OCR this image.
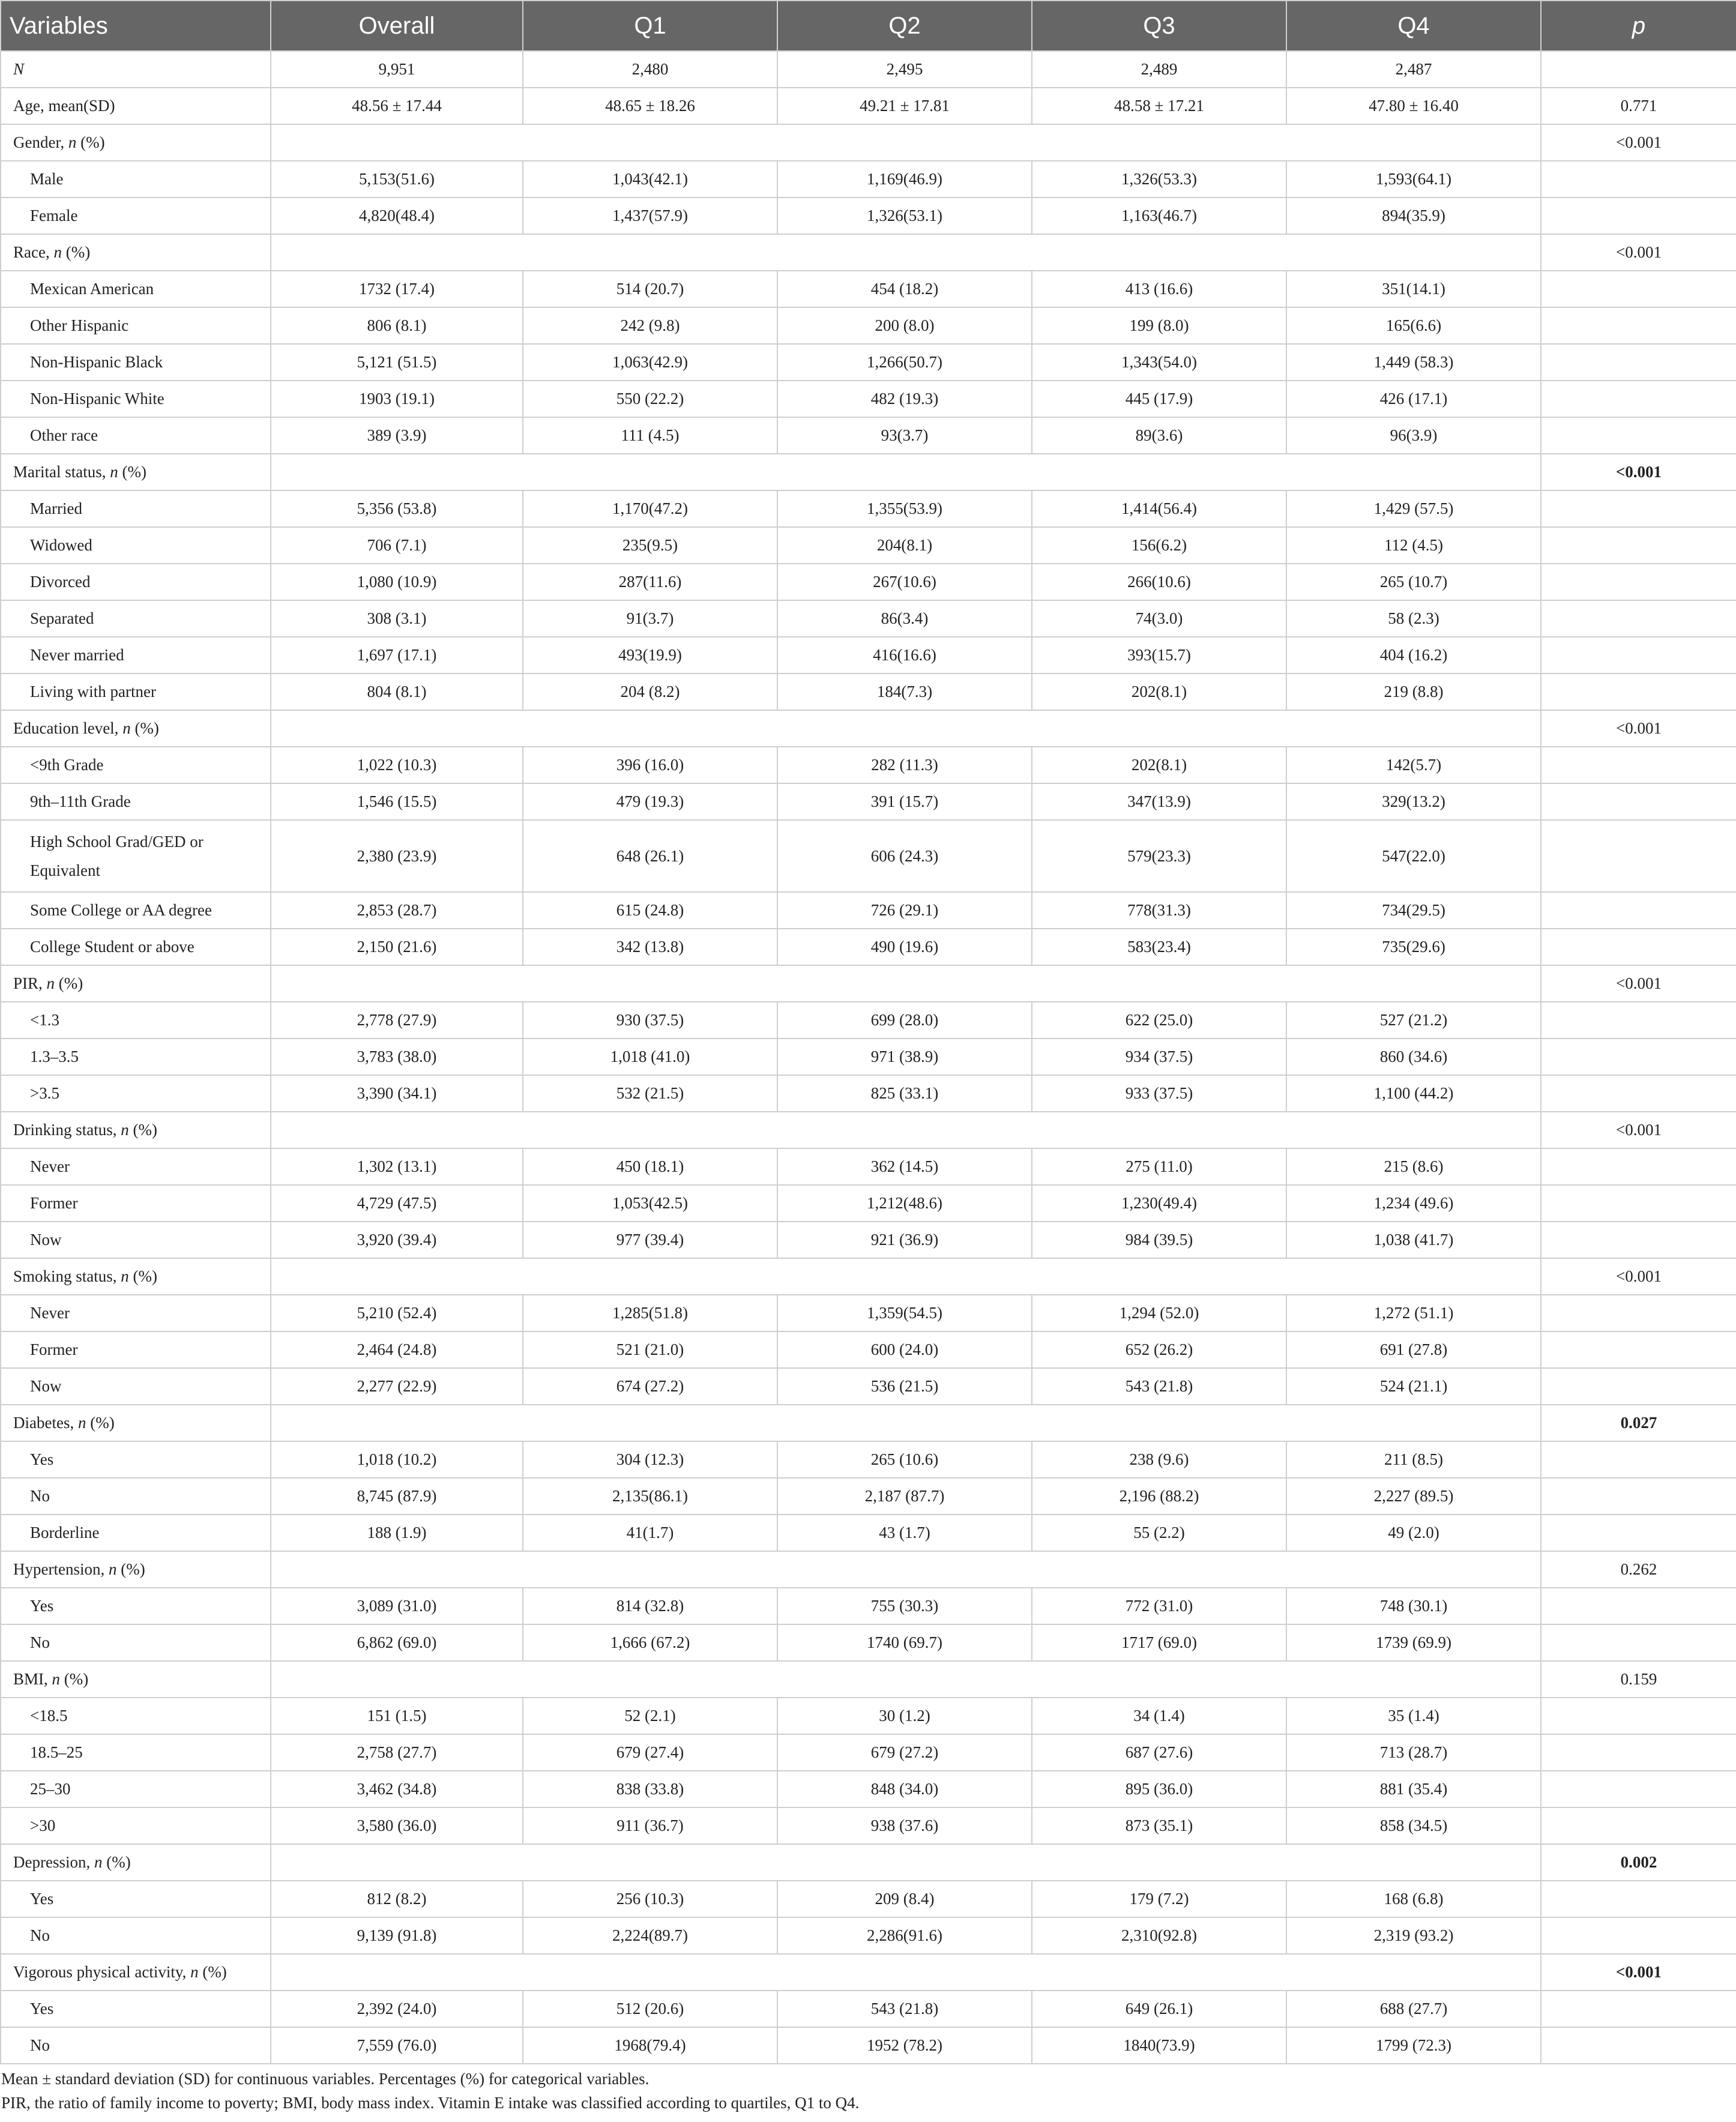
Variables	Overall	Q1	Q2	Q3	Q4	p
N	9,951	2,480	2,495	2,489	2,487	
Age, mean(SD)	48.56 ± 17.44	48.65 ± 18.26	49.21 ± 17.81	48.58 ± 17.21	47.80 ± 16.40	0.771
Gender, n (%)						<0.001
Male	5,153(51.6)	1,043(42.1)	1,169(46.9)	1,326(53.3)	1,593(64.1)	
Female	4,820(48.4)	1,437(57.9)	1,326(53.1)	1,163(46.7)	894(35.9)	
Race, n (%)						<0.001
Mexican American	1732 (17.4)	514 (20.7)	454 (18.2)	413 (16.6)	351(14.1)	
Other Hispanic	806 (8.1)	242 (9.8)	200 (8.0)	199 (8.0)	165(6.6)	
Non-Hispanic Black	5,121 (51.5)	1,063(42.9)	1,266(50.7)	1,343(54.0)	1,449 (58.3)	
Non-Hispanic White	1903 (19.1)	550 (22.2)	482 (19.3)	445 (17.9)	426 (17.1)	
Other race	389 (3.9)	111 (4.5)	93(3.7)	89(3.6)	96(3.9)	
Marital status, n (%)						<0.001
Married	5,356 (53.8)	1,170(47.2)	1,355(53.9)	1,414(56.4)	1,429 (57.5)	
Widowed	706 (7.1)	235(9.5)	204(8.1)	156(6.2)	112 (4.5)	
Divorced	1,080 (10.9)	287(11.6)	267(10.6)	266(10.6)	265 (10.7)	
Separated	308 (3.1)	91(3.7)	86(3.4)	74(3.0)	58 (2.3)	
Never married	1,697 (17.1)	493(19.9)	416(16.6)	393(15.7)	404 (16.2)	
Living with partner	804 (8.1)	204 (8.2)	184(7.3)	202(8.1)	219 (8.8)	
Education level, n (%)						<0.001
<9th Grade	1,022 (10.3)	396 (16.0)	282 (11.3)	202(8.1)	142(5.7)	
9th–11th Grade	1,546 (15.5)	479 (19.3)	391 (15.7)	347(13.9)	329(13.2)	
High School Grad/GED or Equivalent	2,380 (23.9)	648 (26.1)	606 (24.3)	579(23.3)	547(22.0)	
Some College or AA degree	2,853 (28.7)	615 (24.8)	726 (29.1)	778(31.3)	734(29.5)	
College Student or above	2,150 (21.6)	342 (13.8)	490 (19.6)	583(23.4)	735(29.6)	
PIR, n (%)						<0.001
<1.3	2,778 (27.9)	930 (37.5)	699 (28.0)	622 (25.0)	527 (21.2)	
1.3–3.5	3,783 (38.0)	1,018 (41.0)	971 (38.9)	934 (37.5)	860 (34.6)	
>3.5	3,390 (34.1)	532 (21.5)	825 (33.1)	933 (37.5)	1,100 (44.2)	
Drinking status, n (%)						<0.001
Never	1,302 (13.1)	450 (18.1)	362 (14.5)	275 (11.0)	215 (8.6)	
Former	4,729 (47.5)	1,053(42.5)	1,212(48.6)	1,230(49.4)	1,234 (49.6)	
Now	3,920 (39.4)	977 (39.4)	921 (36.9)	984 (39.5)	1,038 (41.7)	
Smoking status, n (%)						<0.001
Never	5,210 (52.4)	1,285(51.8)	1,359(54.5)	1,294 (52.0)	1,272 (51.1)	
Former	2,464 (24.8)	521 (21.0)	600 (24.0)	652 (26.2)	691 (27.8)	
Now	2,277 (22.9)	674 (27.2)	536 (21.5)	543 (21.8)	524 (21.1)	
Diabetes, n (%)						0.027
Yes	1,018 (10.2)	304 (12.3)	265 (10.6)	238 (9.6)	211 (8.5)	
No	8,745 (87.9)	2,135(86.1)	2,187 (87.7)	2,196 (88.2)	2,227 (89.5)	
Borderline	188 (1.9)	41(1.7)	43 (1.7)	55 (2.2)	49 (2.0)	
Hypertension, n (%)						0.262
Yes	3,089 (31.0)	814 (32.8)	755 (30.3)	772 (31.0)	748 (30.1)	
No	6,862 (69.0)	1,666 (67.2)	1740 (69.7)	1717 (69.0)	1739 (69.9)	
BMI, n (%)						0.159
<18.5	151 (1.5)	52 (2.1)	30 (1.2)	34 (1.4)	35 (1.4)	
18.5–25	2,758 (27.7)	679 (27.4)	679 (27.2)	687 (27.6)	713 (28.7)	
25–30	3,462 (34.8)	838 (33.8)	848 (34.0)	895 (36.0)	881 (35.4)	
>30	3,580 (36.0)	911 (36.7)	938 (37.6)	873 (35.1)	858 (34.5)	
Depression, n (%)						0.002
Yes	812 (8.2)	256 (10.3)	209 (8.4)	179 (7.2)	168 (6.8)	
No	9,139 (91.8)	2,224(89.7)	2,286(91.6)	2,310(92.8)	2,319 (93.2)	
Vigorous physical activity, n (%)						<0.001
Yes	2,392 (24.0)	512 (20.6)	543 (21.8)	649 (26.1)	688 (27.7)	
No	7,559 (76.0)	1968(79.4)	1952 (78.2)	1840(73.9)	1799 (72.3)	
Mean ± standard deviation (SD) for continuous variables. Percentages (%) for categorical variables.
PIR, the ratio of family income to poverty; BMI, body mass index. Vitamin E intake was classified according to quartiles, Q1 to Q4.
